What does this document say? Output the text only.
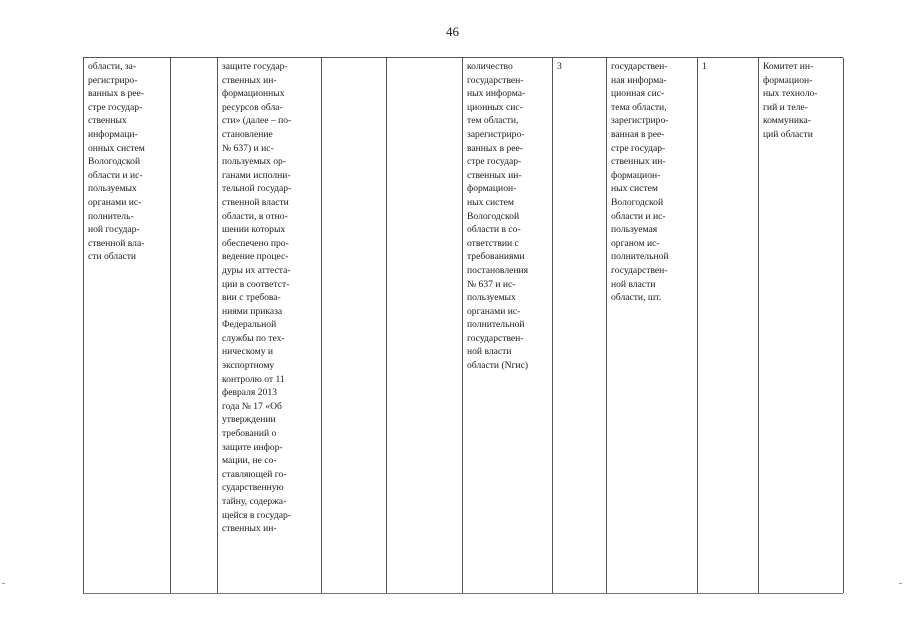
46

области, за-
регистриро-
ванных в рее-
стре государ-
ственных
информаци-
онных систем
Вологодской
области и ис-
пользуемых
органами ис-
полнитель-
ной государ-
ственной вла-
сти области

защите государ-
ственных ин-
формационных
ресурсов обла-
сти» (далее – по-
становление
№ 637) и ис-
пользуемых ор-
ганами исполни-
тельной государ-
ственной власти
области, в отно-
шении которых
обеспечено про-
ведение процес-
дуры их аттеста-
ции в соответст-
вии с требова-
ниями приказа
Федеральной
службы по тех-
ническому и
экспортному
контролю от 11
февраля 2013
года № 17 «Об
утверждении
требований о
защите инфор-
мации, не со-
ставляющей го-
сударственную
тайну, содержа-
щейся в государ-
ственных ин-

количество
государствен-
ных информа-
ционных сис-
тем области,
зарегистриро-
ванных в рее-
стре государ-
ственных ин-
формацион-
ных систем
Вологодской
области в со-
ответствии с
требованиями
постановления
№ 637 и ис-
пользуемых
органами ис-
полнительной
государствен-
ной власти
области (Nгис)

3	государствен-
ная информа-
ционная сис-
тема области,
зарегистриро-
ванная в рее-
стре государ-
ственных ин-
формацион-
ных систем
Вологодской
области и ис-
пользуемая
органом ис-
полнительной
государствен-
ной власти
области, шт.

1	Комитет ин-
формацион-
ных техноло-
гий и теле-
коммуника-
ций области
